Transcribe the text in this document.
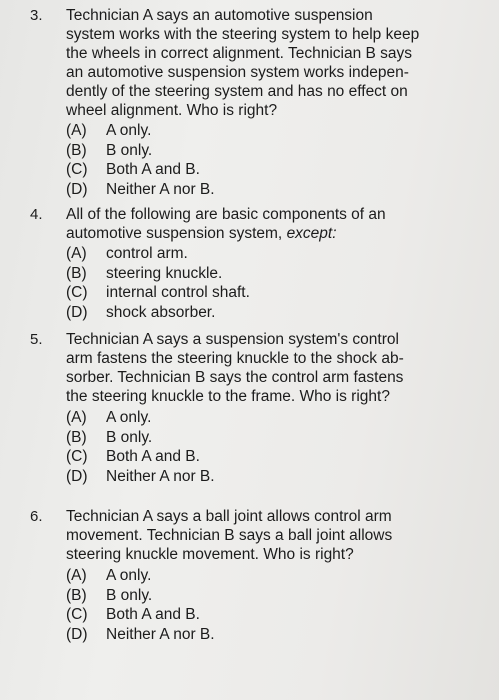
3.	Technician A says an automotive suspension
system works with the steering system to help keep
the wheels in correct alignment. Technician B says
an automotive suspension system works indepen-
dently of the steering system and has no effect on
wheel alignment. Who is right?
(A)	A only.
(B)	B only.
(C)	Both A and B.
(D)	Neither A nor B.
4.	All of the following are basic components of an
automotive suspension system, except:
(A)	control arm.
(B)	steering knuckle.
(C)	internal control shaft.
(D)	shock absorber.
5.	Technician A says a suspension system's control
arm fastens the steering knuckle to the shock ab-
sorber. Technician B says the control arm fastens
the steering knuckle to the frame. Who is right?
(A)	A only.
(B)	B only.
(C)	Both A and B.
(D)	Neither A nor B.
6.	Technician A says a ball joint allows control arm
movement. Technician B says a ball joint allows
steering knuckle movement. Who is right?
(A)	A only.
(B)	B only.
(C)	Both A and B.
(D)	Neither A nor B.
